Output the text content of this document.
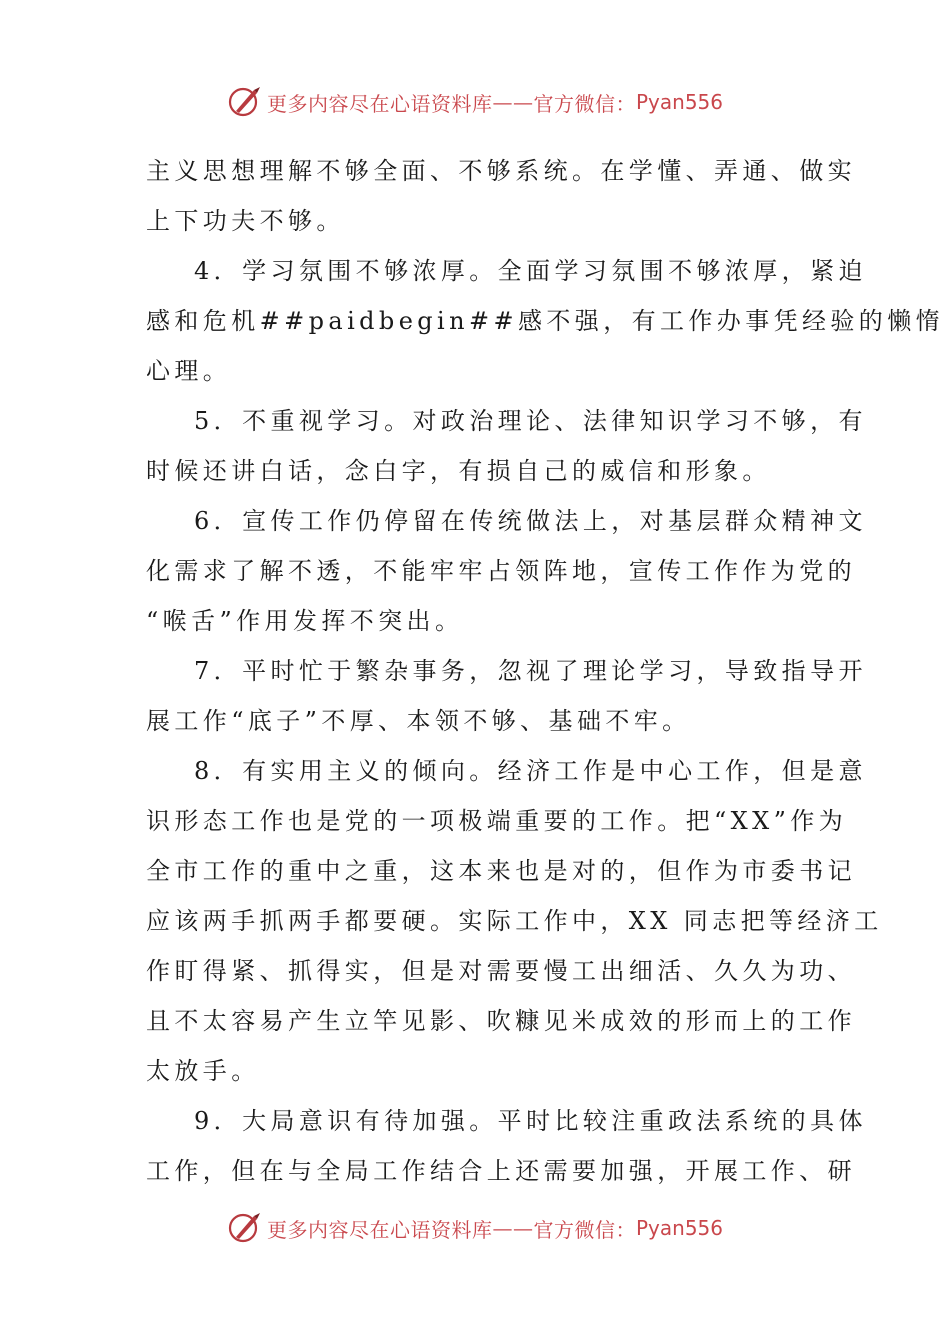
更多内容尽在心语资料库 —— 官方微信： Pyan556
主义思想理解不够全面、不够系统。在学懂、弄通、做实
上下功夫不够。
4．学习氛围不够浓厚。全面学习氛围不够浓厚，紧迫
感和危机##paidbegin##感不强，有工作办事凭经验的懒惰
心理。
5．不重视学习。对政治理论、法律知识学习不够，有
时候还讲白话，念白字，有损自己的威信和形象。
6．宣传工作仍停留在传统做法上，对基层群众精神文
化需求了解不透，不能牢牢占领阵地，宣传工作作为党的
“喉舌”作用发挥不突出。
7．平时忙于繁杂事务，忽视了理论学习，导致指导开
展工作“底子”不厚、本领不够、基础不牢。
8．有实用主义的倾向。经济工作是中心工作，但是意
识形态工作也是党的一项极端重要的工作。把“XX”作为
全市工作的重中之重，这本来也是对的，但作为市委书记
应该两手抓两手都要硬。实际工作中，XX 同志把等经济工
作盯得紧、抓得实，但是对需要慢工出细活、久久为功、
且不太容易产生立竿见影、吹糠见米成效的形而上的工作
太放手。
9．大局意识有待加强。平时比较注重政法系统的具体
工作，但在与全局工作结合上还需要加强，开展工作、研
更多内容尽在心语资料库 —— 官方微信： Pyan556
